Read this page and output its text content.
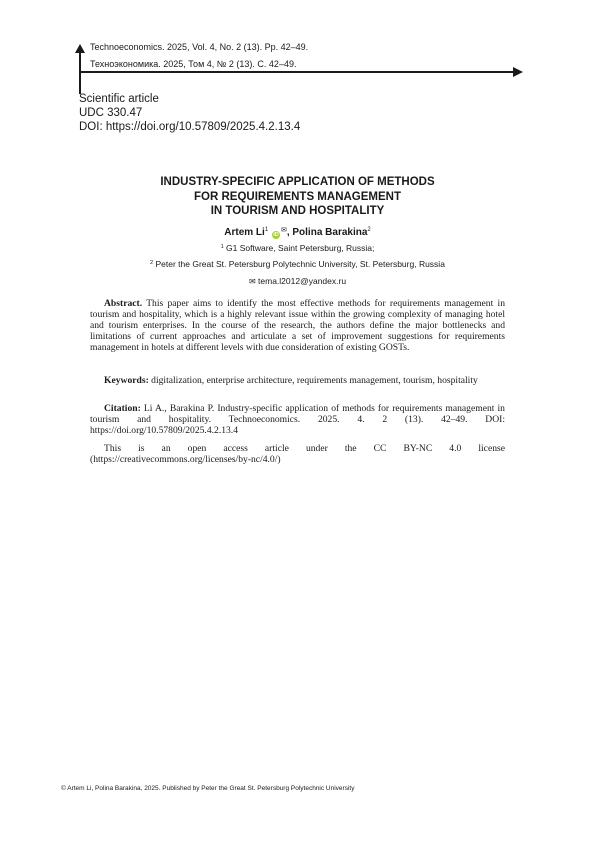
Technoeconomics. 2025, Vol. 4, No. 2 (13). Pp. 42–49.
Техноэкономика. 2025, Том 4, № 2 (13). С. 42–49.
Scientific article
UDC 330.47
DOI: https://doi.org/10.57809/2025.4.2.13.4
INDUSTRY-SPECIFIC APPLICATION OF METHODS
FOR REQUIREMENTS MANAGEMENT
IN TOURISM AND HOSPITALITY
Artem Li$^1$ iD✉, Polina Barakina$^2$
$^1$ G1 Software, Saint Petersburg, Russia;
$^2$ Peter the Great St. Petersburg Polytechnic University, St. Petersburg, Russia
✉ tema.l2012@yandex.ru

Abstract. This paper aims to identify the most effective methods for requirements management in tourism and hospitality, which is a highly relevant issue within the growing complexity of managing hotel and tourism enterprises. In the course of the research, the authors define the major bottlenecks and limitations of current approaches and articulate a set of improvement suggestions for requirements management in hotels at different levels with due consideration of existing GOSTs.

Keywords: digitalization, enterprise architecture, requirements management, tourism, hospitality

Citation: Li A., Barakina P. Industry-specific application of methods for requirements management in tourism and hospitality. Technoeconomics. 2025. 4. 2 (13). 42–49. DOI: https://doi.org/10.57809/2025.4.2.13.4

This is an open access article under the CC BY-NC 4.0 license (https://creativecommons.org/licenses/by-nc/4.0/)

© Artem Li, Polina Barakina, 2025. Published by Peter the Great St. Petersburg Polytechnic University
